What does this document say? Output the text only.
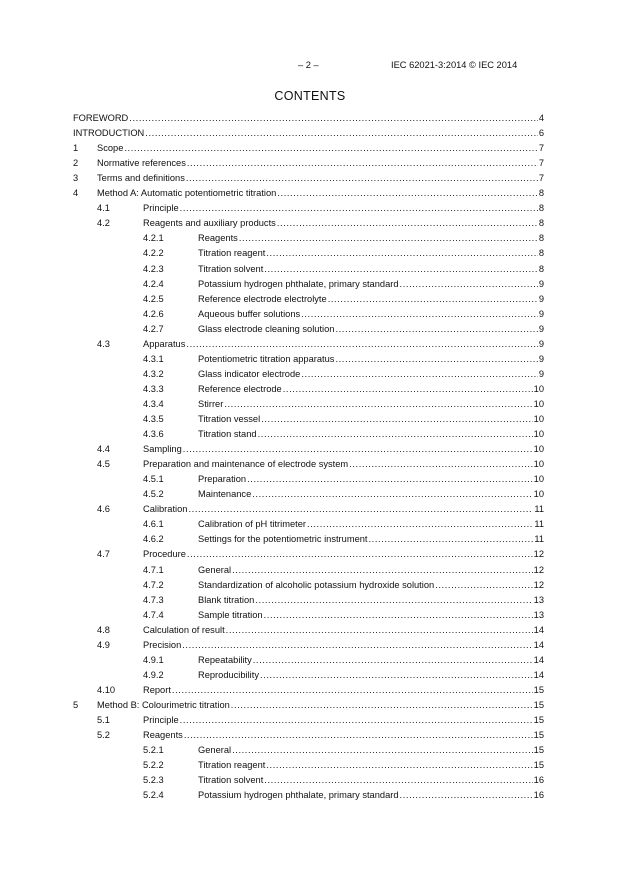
– 2 –	IEC 62021-3:2014 © IEC 2014
CONTENTS
FOREWORD .....	4
INTRODUCTION .....	6
1 Scope .....	7
2 Normative references .....	7
3 Terms and definitions .....	7
4 Method A: Automatic potentiometric titration .....	8
4.1	Principle .....	8
4.2	Reagents and auxiliary products .....	8
4.2.1	Reagents .....	8
4.2.2	Titration reagent .....	8
4.2.3	Titration solvent .....	8
4.2.4	Potassium hydrogen phthalate, primary standard .....	9
4.2.5	Reference electrode electrolyte .....	9
4.2.6	Aqueous buffer solutions .....	9
4.2.7	Glass electrode cleaning solution .....	9
4.3	Apparatus .....	9
4.3.1	Potentiometric titration apparatus .....	9
4.3.2	Glass indicator electrode .....	9
4.3.3	Reference electrode .....	10
4.3.4	Stirrer .....	10
4.3.5	Titration vessel .....	10
4.3.6	Titration stand .....	10
4.4	Sampling .....	10
4.5	Preparation and maintenance of electrode system .....	10
4.5.1	Preparation .....	10
4.5.2	Maintenance .....	10
4.6	Calibration .....	11
4.6.1	Calibration of pH titrimeter .....	11
4.6.2	Settings for the potentiometric instrument .....	11
4.7	Procedure .....	12
4.7.1	General .....	12
4.7.2	Standardization of alcoholic potassium hydroxide solution .....	12
4.7.3	Blank titration .....	13
4.7.4	Sample titration .....	13
4.8	Calculation of result .....	14
4.9	Precision .....	14
4.9.1	Repeatability .....	14
4.9.2	Reproducibility .....	14
4.10	Report .....	15
5 Method B: Colourimetric titration .....	15
5.1	Principle .....	15
5.2	Reagents .....	15
5.2.1	General .....	15
5.2.2	Titration reagent .....	15
5.2.3	Titration solvent .....	16
5.2.4	Potassium hydrogen phthalate, primary standard .....	16
